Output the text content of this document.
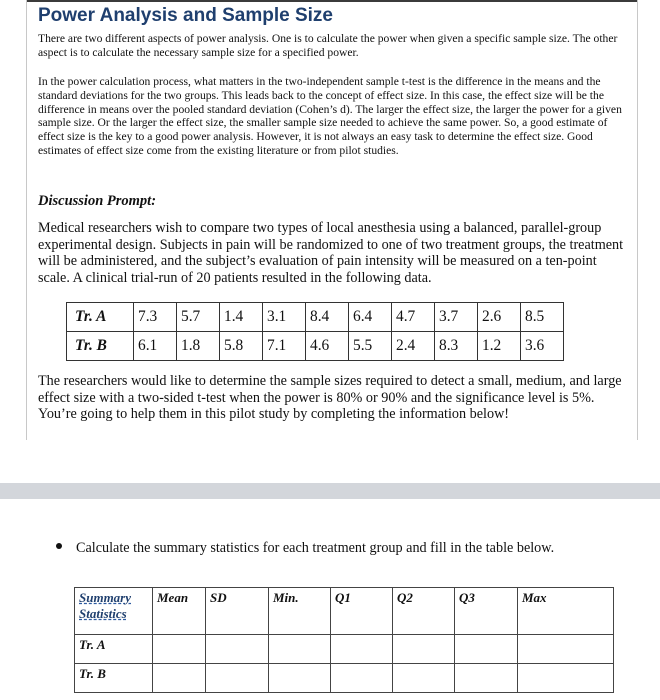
Power Analysis and Sample Size

There are two different aspects of power analysis. One is to calculate the power when given a specific sample size. The other aspect is to calculate the necessary sample size for a specified power.

In the power calculation process, what matters in the two-independent sample t-test is the difference in the means and the standard deviations for the two groups. This leads back to the concept of effect size. In this case, the effect size will be the difference in means over the pooled standard deviation (Cohen’s d). The larger the effect size, the larger the power for a given sample size. Or the larger the effect size, the smaller sample size needed to achieve the same power. So, a good estimate of effect size is the key to a good power analysis. However, it is not always an easy task to determine the effect size. Good estimates of effect size come from the existing literature or from pilot studies.

Discussion Prompt:

Medical researchers wish to compare two types of local anesthesia using a balanced, parallel-group experimental design. Subjects in pain will be randomized to one of two treatment groups, the treatment will be administered, and the subject’s evaluation of pain intensity will be measured on a ten-point scale. A clinical trial-run of 20 patients resulted in the following data.

Tr. A	7.3	5.7	1.4	3.1	8.4	6.4	4.7	3.7	2.6	8.5
Tr. B	6.1	1.8	5.8	7.1	4.6	5.5	2.4	8.3	1.2	3.6

The researchers would like to determine the sample sizes required to detect a small, medium, and large effect size with a two-sided t-test when the power is 80% or 90% and the significance level is 5%. You’re going to help them in this pilot study by completing the information below!

Calculate the summary statistics for each treatment group and fill in the table below.
Summary Statistics	Mean	SD	Min.	Q1	Q2	Q3	Max
Tr. A							
Tr. B							
